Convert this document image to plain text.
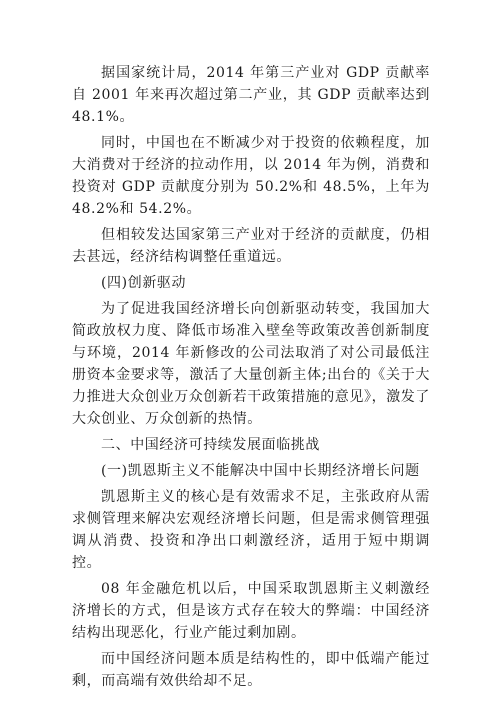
据国家统计局，2014 年第三产业对 GDP 贡献率自 2001 年来再次超过第二产业，其 GDP 贡献率达到 48.1%。

同时，中国也在不断减少对于投资的依赖程度，加大消费对于经济的拉动作用，以 2014 年为例，消费和投资对 GDP 贡献度分别为 50.2%和 48.5%，上年为 48.2%和 54.2%。

但相较发达国家第三产业对于经济的贡献度，仍相去甚远，经济结构调整任重道远。

(四)创新驱动

为了促进我国经济增长向创新驱动转变，我国加大简政放权力度、降低市场准入壁垒等政策改善创新制度与环境，2014 年新修改的公司法取消了对公司最低注册资本金要求等，激活了大量创新主体;出台的《关于大力推进大众创业万众创新若干政策措施的意见》，激发了大众创业、万众创新的热情。

二、中国经济可持续发展面临挑战

(一)凯恩斯主义不能解决中国中长期经济增长问题

凯恩斯主义的核心是有效需求不足，主张政府从需求侧管理来解决宏观经济增长问题，但是需求侧管理强调从消费、投资和净出口刺激经济，适用于短中期调控。

08 年金融危机以后，中国采取凯恩斯主义刺激经济增长的方式，但是该方式存在较大的弊端：中国经济结构出现恶化，行业产能过剩加剧。

而中国经济问题本质是结构性的，即中低端产能过剩，而高端有效供给却不足。
